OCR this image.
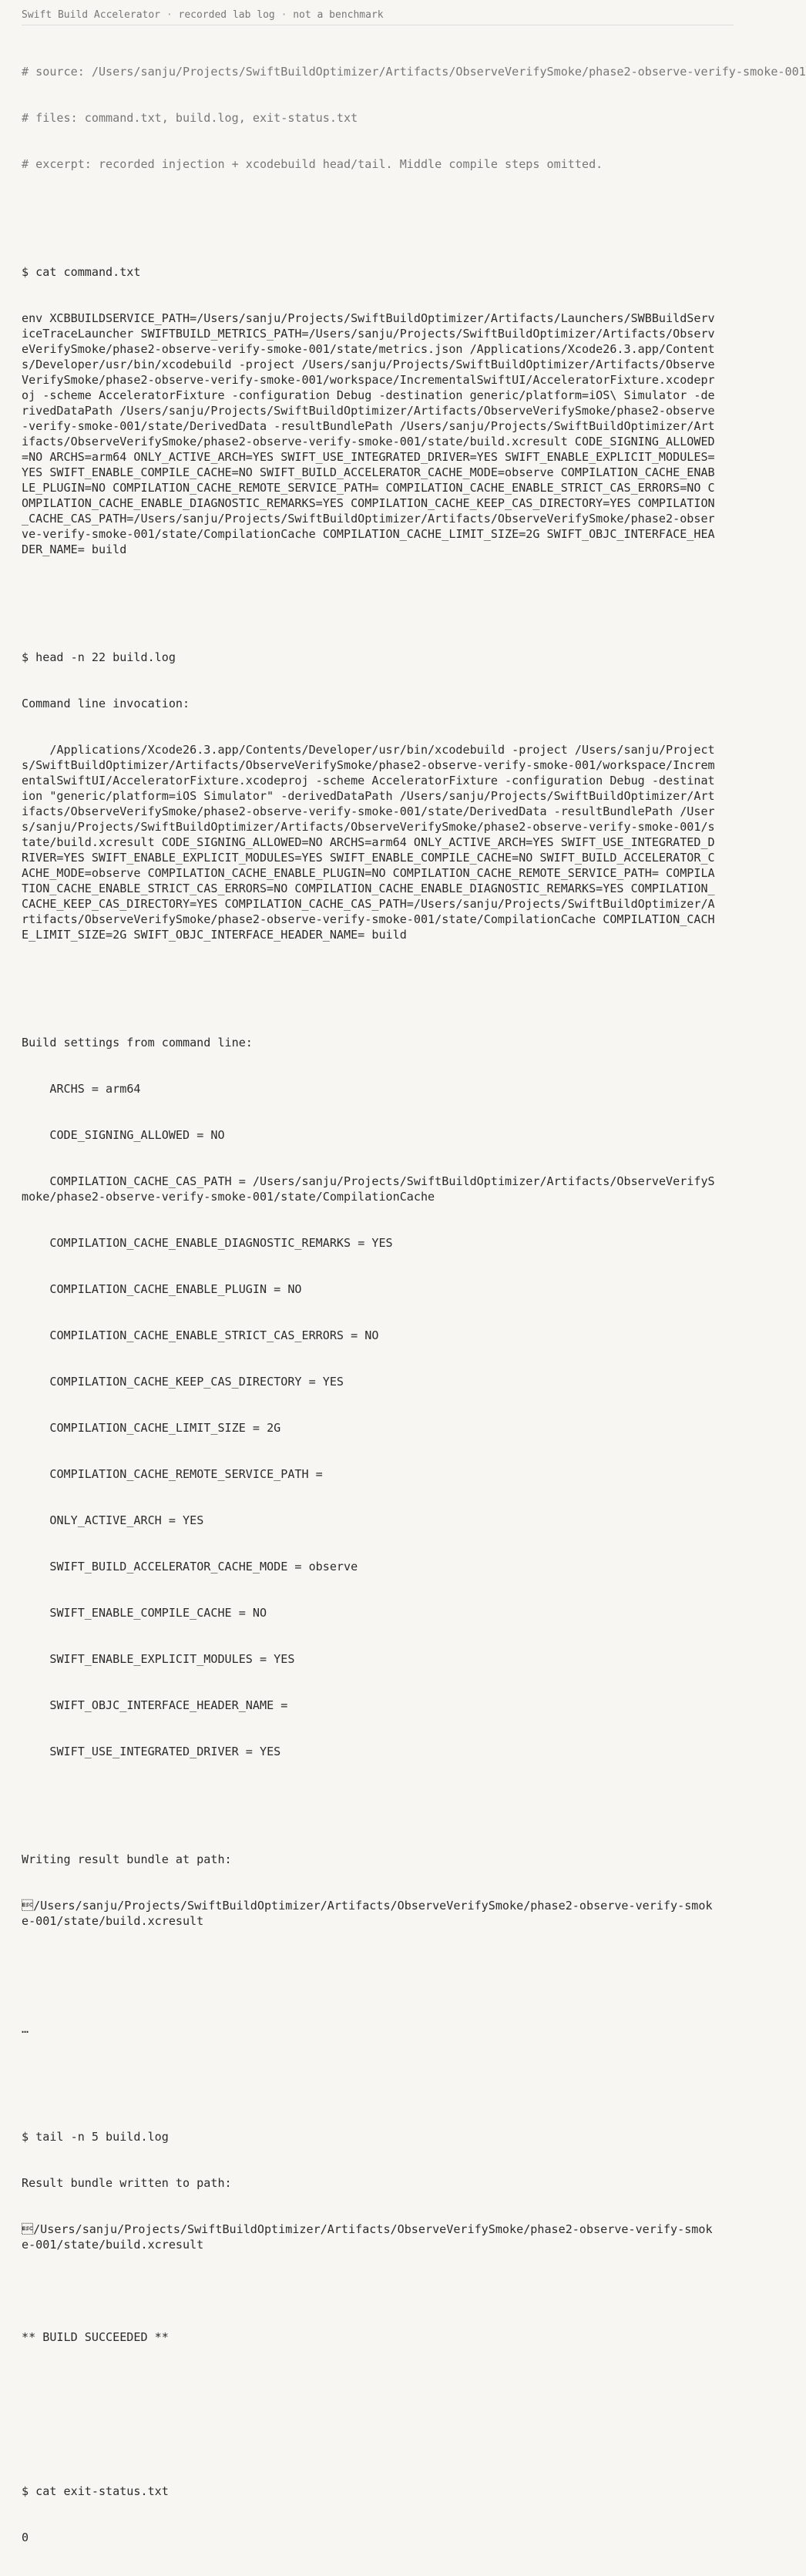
Swift Build Accelerator · recorded lab log · not a benchmark

# source: /Users/sanju/Projects/SwiftBuildOptimizer/Artifacts/ObserveVerifySmoke/phase2-observe-verify-smoke-001

# files: command.txt, build.log, exit-status.txt

# excerpt: recorded injection + xcodebuild head/tail. Middle compile steps omitted.

$ cat command.txt

env XCBBUILDSERVICE_PATH=/Users/sanju/Projects/SwiftBuildOptimizer/Artifacts/Launchers/SWBBuildServiceTraceLauncher SWIFTBUILD_METRICS_PATH=/Users/sanju/Projects/SwiftBuildOptimizer/Artifacts/ObserveVerifySmoke/phase2-observe-verify-smoke-001/state/metrics.json /Applications/Xcode26.3.app/Contents/Developer/usr/bin/xcodebuild -project /Users/sanju/Projects/SwiftBuildOptimizer/Artifacts/ObserveVerifySmoke/phase2-observe-verify-smoke-001/workspace/IncrementalSwiftUI/AcceleratorFixture.xcodeproj -scheme AcceleratorFixture -configuration Debug -destination generic/platform=iOS\ Simulator -derivedDataPath /Users/sanju/Projects/SwiftBuildOptimizer/Artifacts/ObserveVerifySmoke/phase2-observe-verify-smoke-001/state/DerivedData -resultBundlePath /Users/sanju/Projects/SwiftBuildOptimizer/Artifacts/ObserveVerifySmoke/phase2-observe-verify-smoke-001/state/build.xcresult CODE_SIGNING_ALLOWED=NO ARCHS=arm64 ONLY_ACTIVE_ARCH=YES SWIFT_USE_INTEGRATED_DRIVER=YES SWIFT_ENABLE_EXPLICIT_MODULES=YES SWIFT_ENABLE_COMPILE_CACHE=NO SWIFT_BUILD_ACCELERATOR_CACHE_MODE=observe COMPILATION_CACHE_ENABLE_PLUGIN=NO COMPILATION_CACHE_REMOTE_SERVICE_PATH= COMPILATION_CACHE_ENABLE_STRICT_CAS_ERRORS=NO COMPILATION_CACHE_ENABLE_DIAGNOSTIC_REMARKS=YES COMPILATION_CACHE_KEEP_CAS_DIRECTORY=YES COMPILATION_CACHE_CAS_PATH=/Users/sanju/Projects/SwiftBuildOptimizer/Artifacts/ObserveVerifySmoke/phase2-observe-verify-smoke-001/state/CompilationCache COMPILATION_CACHE_LIMIT_SIZE=2G SWIFT_OBJC_INTERFACE_HEADER_NAME= build

$ head -n 22 build.log

Command line invocation:

/Applications/Xcode26.3.app/Contents/Developer/usr/bin/xcodebuild -project /Users/sanju/Projects/SwiftBuildOptimizer/Artifacts/ObserveVerifySmoke/phase2-observe-verify-smoke-001/workspace/IncrementalSwiftUI/AcceleratorFixture.xcodeproj -scheme AcceleratorFixture -configuration Debug -destination "generic/platform=iOS Simulator" -derivedDataPath /Users/sanju/Projects/SwiftBuildOptimizer/Artifacts/ObserveVerifySmoke/phase2-observe-verify-smoke-001/state/DerivedData -resultBundlePath /Users/sanju/Projects/SwiftBuildOptimizer/Artifacts/ObserveVerifySmoke/phase2-observe-verify-smoke-001/state/build.xcresult CODE_SIGNING_ALLOWED=NO ARCHS=arm64 ONLY_ACTIVE_ARCH=YES SWIFT_USE_INTEGRATED_DRIVER=YES SWIFT_ENABLE_EXPLICIT_MODULES=YES SWIFT_ENABLE_COMPILE_CACHE=NO SWIFT_BUILD_ACCELERATOR_CACHE_MODE=observe COMPILATION_CACHE_ENABLE_PLUGIN=NO COMPILATION_CACHE_REMOTE_SERVICE_PATH= COMPILATION_CACHE_ENABLE_STRICT_CAS_ERRORS=NO COMPILATION_CACHE_ENABLE_DIAGNOSTIC_REMARKS=YES COMPILATION_CACHE_KEEP_CAS_DIRECTORY=YES COMPILATION_CACHE_CAS_PATH=/Users/sanju/Projects/SwiftBuildOptimizer/Artifacts/ObserveVerifySmoke/phase2-observe-verify-smoke-001/state/CompilationCache COMPILATION_CACHE_LIMIT_SIZE=2G SWIFT_OBJC_INTERFACE_HEADER_NAME= build

Build settings from command line:

ARCHS = arm64

CODE_SIGNING_ALLOWED = NO

COMPILATION_CACHE_CAS_PATH = /Users/sanju/Projects/SwiftBuildOptimizer/Artifacts/ObserveVerifySmoke/phase2-observe-verify-smoke-001/state/CompilationCache

COMPILATION_CACHE_ENABLE_DIAGNOSTIC_REMARKS = YES

COMPILATION_CACHE_ENABLE_PLUGIN = NO

COMPILATION_CACHE_ENABLE_STRICT_CAS_ERRORS = NO

COMPILATION_CACHE_KEEP_CAS_DIRECTORY = YES

COMPILATION_CACHE_LIMIT_SIZE = 2G

COMPILATION_CACHE_REMOTE_SERVICE_PATH =

ONLY_ACTIVE_ARCH = YES

SWIFT_BUILD_ACCELERATOR_CACHE_MODE = observe

SWIFT_ENABLE_COMPILE_CACHE = NO

SWIFT_ENABLE_EXPLICIT_MODULES = YES

SWIFT_OBJC_INTERFACE_HEADER_NAME =

SWIFT_USE_INTEGRATED_DRIVER = YES

Writing result bundle at path:

/Users/sanju/Projects/SwiftBuildOptimizer/Artifacts/ObserveVerifySmoke/phase2-observe-verify-smoke-001/state/build.xcresult

…

$ tail -n 5 build.log

Result bundle written to path:

/Users/sanju/Projects/SwiftBuildOptimizer/Artifacts/ObserveVerifySmoke/phase2-observe-verify-smoke-001/state/build.xcresult

** BUILD SUCCEEDED **

$ cat exit-status.txt

0
